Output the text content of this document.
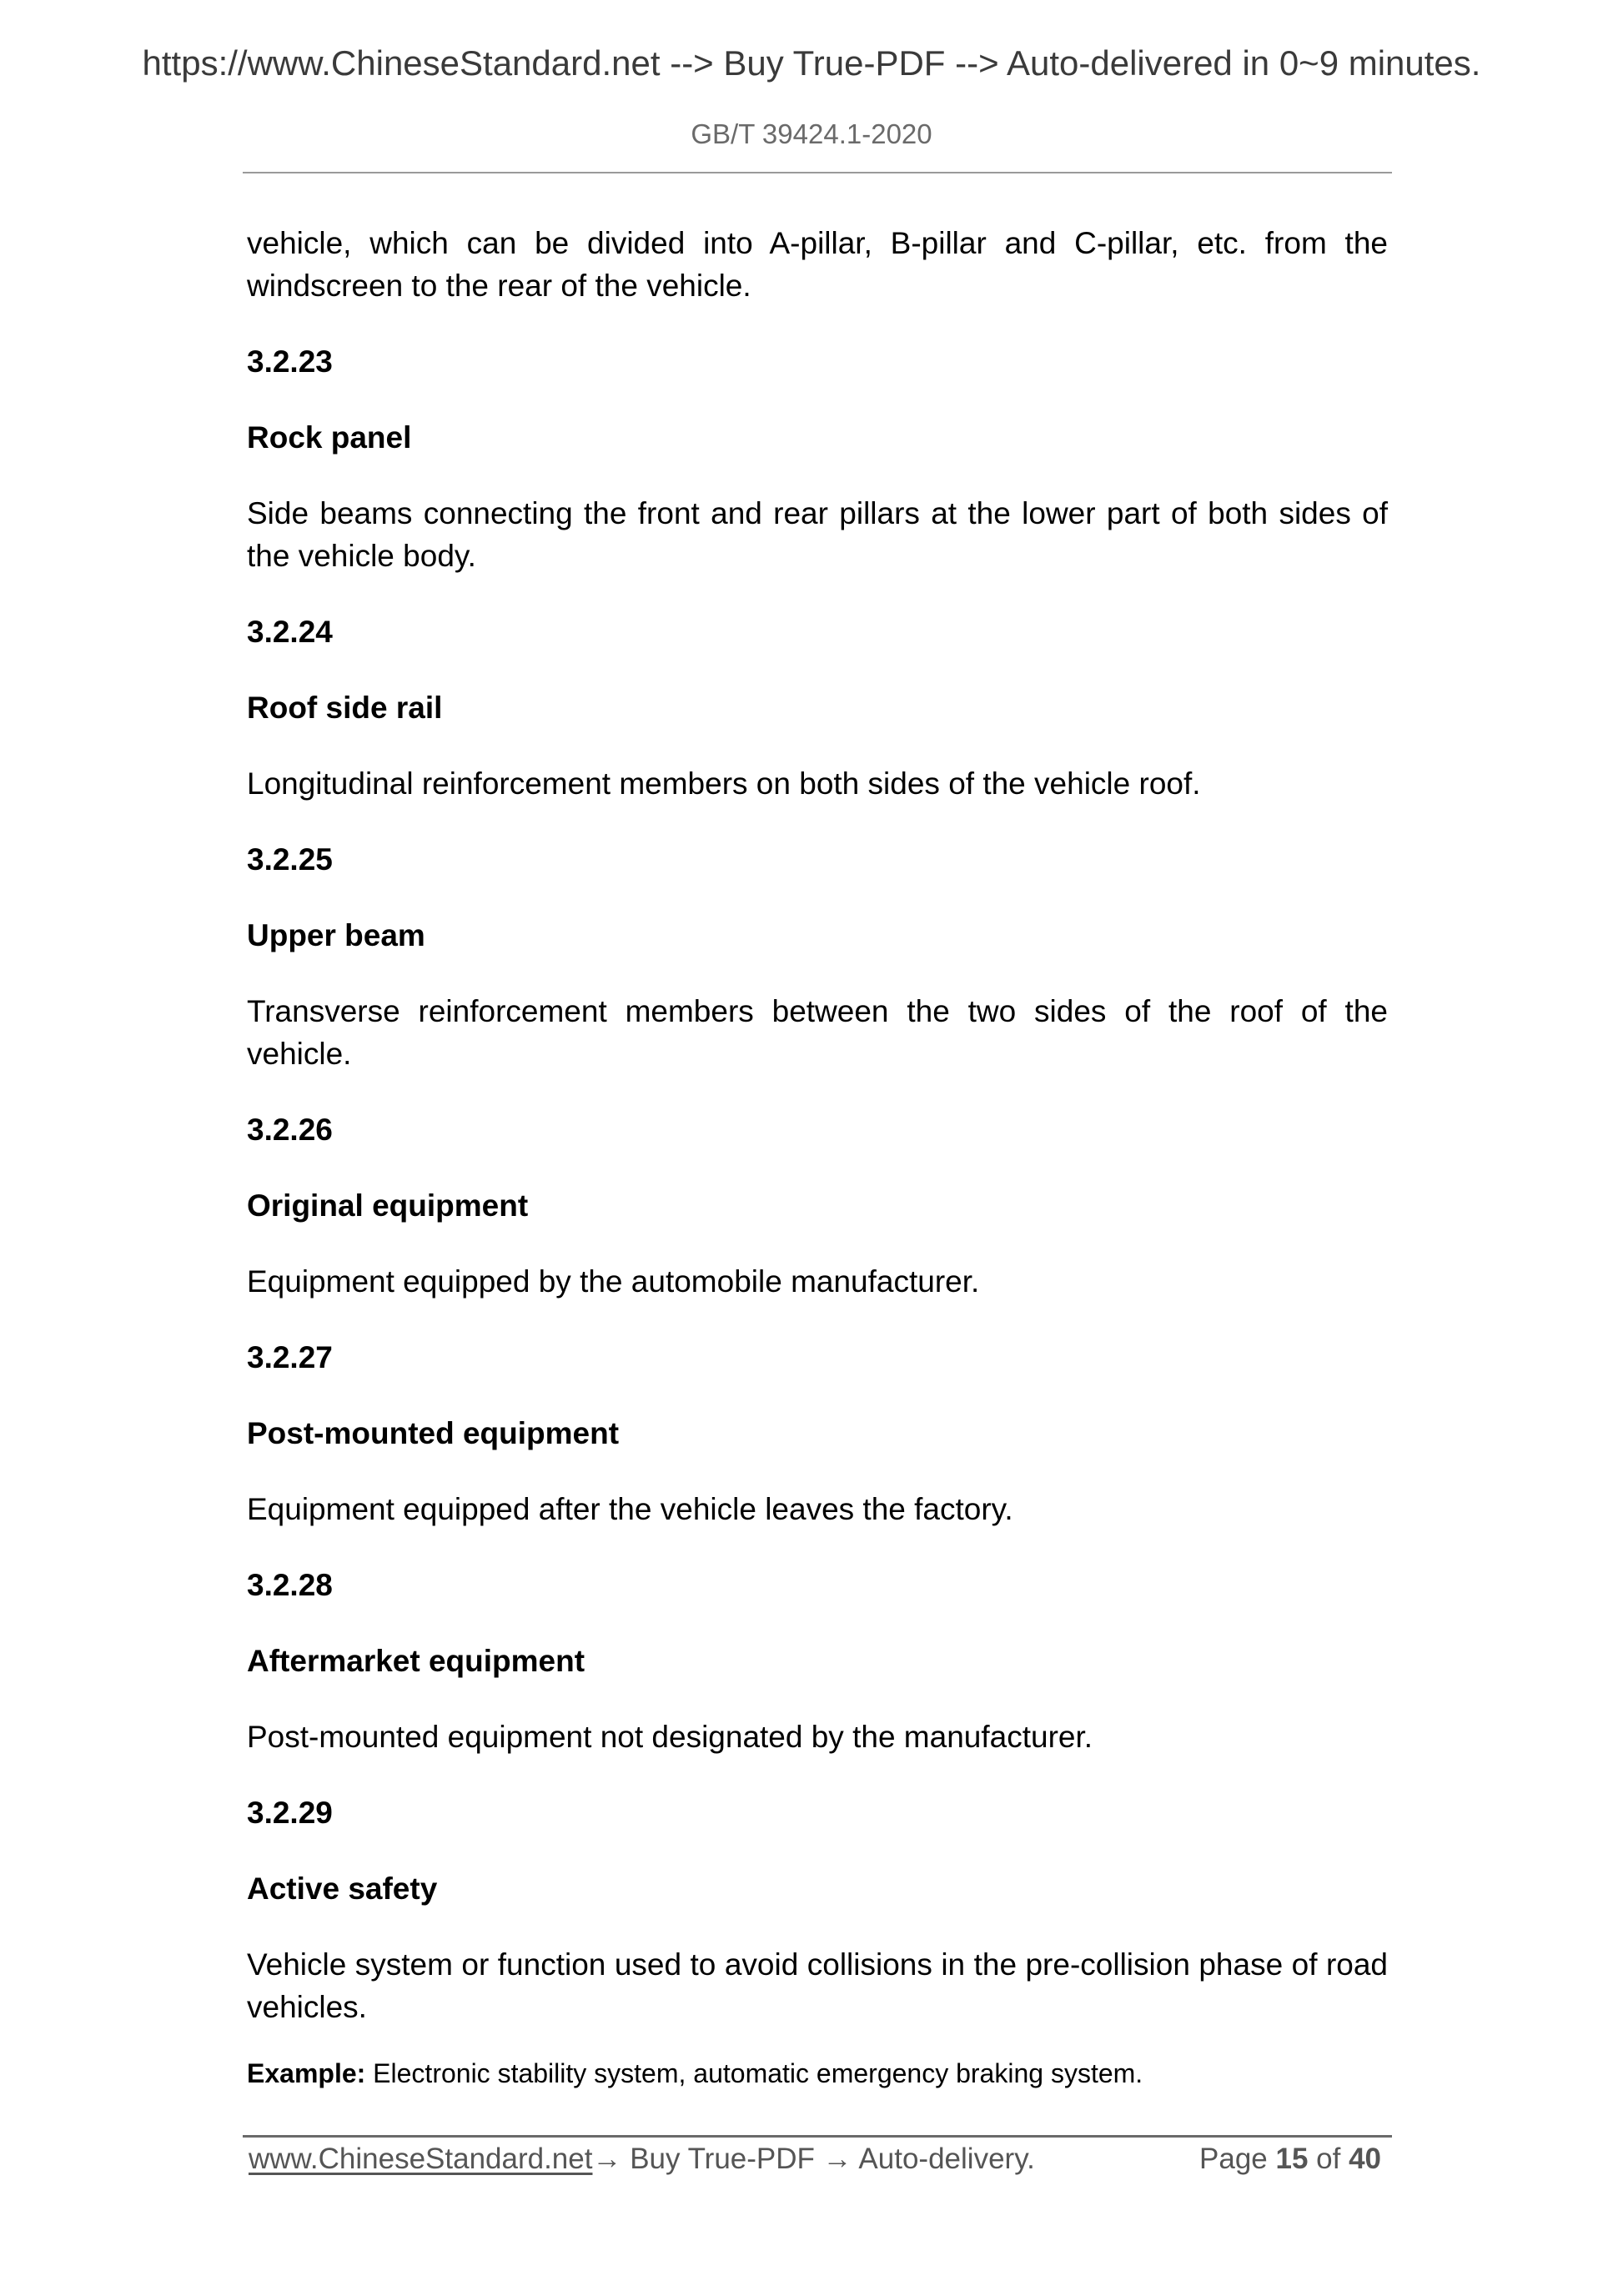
https://www.ChineseStandard.net --> Buy True-PDF --> Auto-delivered in 0~9 minutes.
GB/T 39424.1-2020

vehicle, which can be divided into A-pillar, B-pillar and C-pillar, etc. from the windscreen to the rear of the vehicle.

3.2.23
Rock panel

Side beams connecting the front and rear pillars at the lower part of both sides of the vehicle body.

3.2.24
Roof side rail

Longitudinal reinforcement members on both sides of the vehicle roof.

3.2.25
Upper beam

Transverse reinforcement members between the two sides of the roof of the vehicle.

3.2.26
Original equipment

Equipment equipped by the automobile manufacturer.

3.2.27
Post-mounted equipment

Equipment equipped after the vehicle leaves the factory.

3.2.28
Aftermarket equipment

Post-mounted equipment not designated by the manufacturer.

3.2.29
Active safety

Vehicle system or function used to avoid collisions in the pre-collision phase of road vehicles.

Example: Electronic stability system, automatic emergency braking system.
www.ChineseStandard.net → Buy True-PDF → Auto-delivery.	Page 15 of 40
